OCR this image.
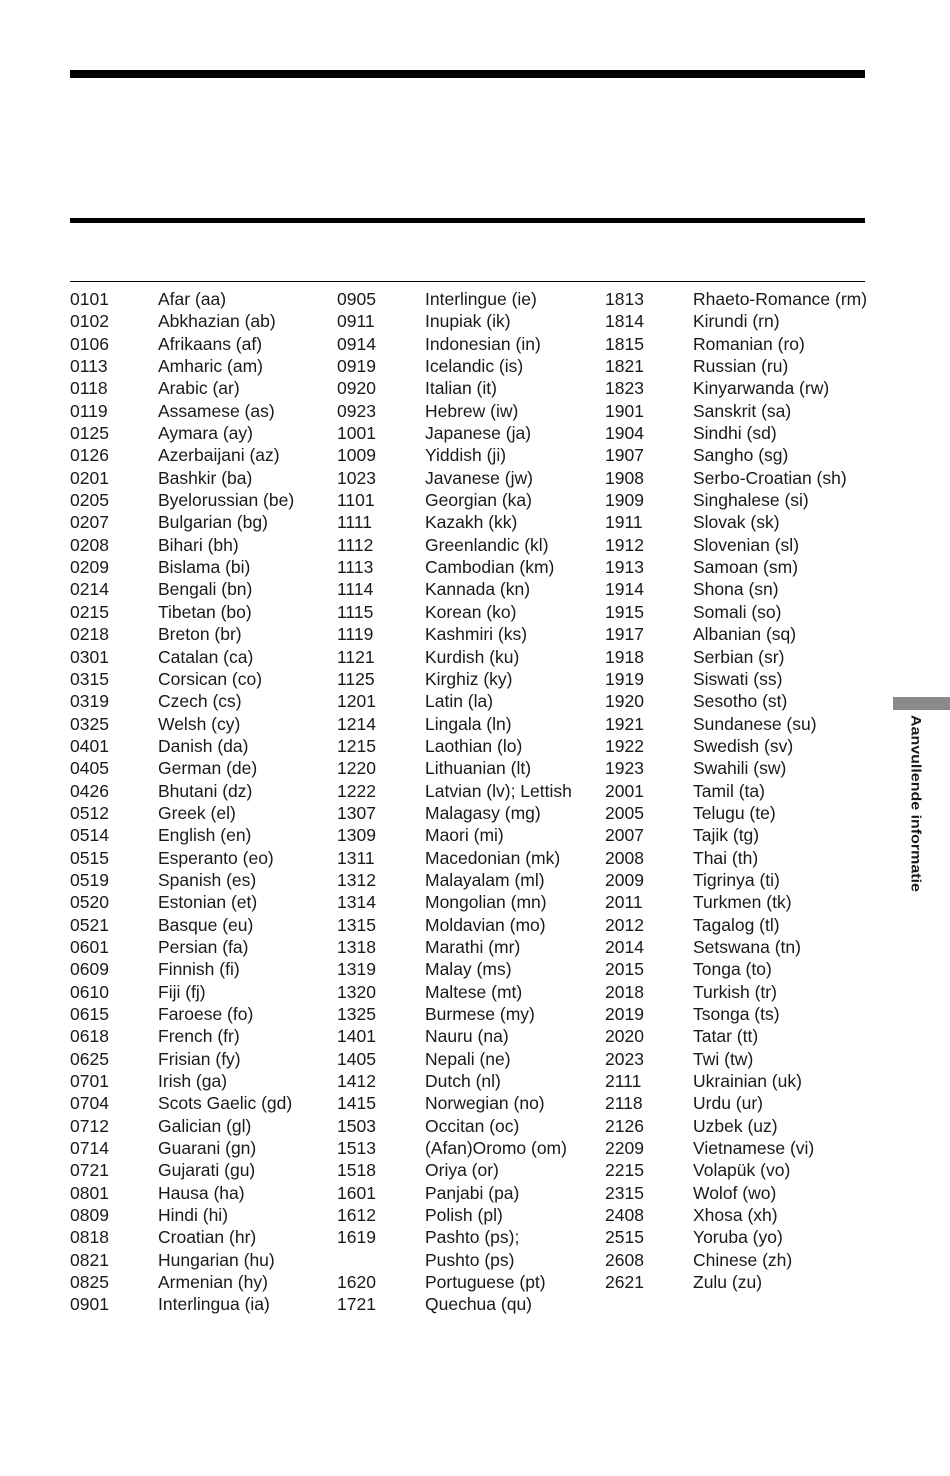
0101	Afar (aa)
0102	Abkhazian (ab)
0106	Afrikaans (af)
0113	Amharic (am)
0118	Arabic (ar)
0119	Assamese (as)
0125	Aymara (ay)
0126	Azerbaijani (az)
0201	Bashkir (ba)
0205	Byelorussian (be)
0207	Bulgarian (bg)
0208	Bihari (bh)
0209	Bislama (bi)
0214	Bengali (bn)
0215	Tibetan (bo)
0218	Breton (br)
0301	Catalan (ca)
0315	Corsican (co)
0319	Czech (cs)
0325	Welsh (cy)
0401	Danish (da)
0405	German (de)
0426	Bhutani (dz)
0512	Greek (el)
0514	English (en)
0515	Esperanto (eo)
0519	Spanish (es)
0520	Estonian (et)
0521	Basque (eu)
0601	Persian (fa)
0609	Finnish (fi)
0610	Fiji (fj)
0615	Faroese (fo)
0618	French (fr)
0625	Frisian (fy)
0701	Irish (ga)
0704	Scots Gaelic (gd)
0712	Galician (gl)
0714	Guarani (gn)
0721	Gujarati (gu)
0801	Hausa (ha)
0809	Hindi (hi)
0818	Croatian (hr)
0821	Hungarian (hu)
0825	Armenian (hy)
0901	Interlingua (ia)
0905	Interlingue (ie)
0911	Inupiak (ik)
0914	Indonesian (in)
0919	Icelandic (is)
0920	Italian (it)
0923	Hebrew (iw)
1001	Japanese (ja)
1009	Yiddish (ji)
1023	Javanese (jw)
1101	Georgian (ka)
1111	Kazakh (kk)
1112	Greenlandic (kl)
1113	Cambodian (km)
1114	Kannada (kn)
1115	Korean (ko)
1119	Kashmiri (ks)
1121	Kurdish (ku)
1125	Kirghiz (ky)
1201	Latin (la)
1214	Lingala (ln)
1215	Laothian (lo)
1220	Lithuanian (lt)
1222	Latvian (lv); Lettish
1307	Malagasy (mg)
1309	Maori (mi)
1311	Macedonian (mk)
1312	Malayalam (ml)
1314	Mongolian (mn)
1315	Moldavian (mo)
1318	Marathi (mr)
1319	Malay (ms)
1320	Maltese (mt)
1325	Burmese (my)
1401	Nauru (na)
1405	Nepali (ne)
1412	Dutch (nl)
1415	Norwegian (no)
1503	Occitan (oc)
1513	(Afan)Oromo (om)
1518	Oriya (or)
1601	Panjabi (pa)
1612	Polish (pl)
1619	Pashto (ps);
Pushto (ps)
1620	Portuguese (pt)
1721	Quechua (qu)
1813	Rhaeto-Romance (rm)
1814	Kirundi (rn)
1815	Romanian (ro)
1821	Russian (ru)
1823	Kinyarwanda (rw)
1901	Sanskrit (sa)
1904	Sindhi (sd)
1907	Sangho (sg)
1908	Serbo-Croatian (sh)
1909	Singhalese (si)
1911	Slovak (sk)
1912	Slovenian (sl)
1913	Samoan (sm)
1914	Shona (sn)
1915	Somali (so)
1917	Albanian (sq)
1918	Serbian (sr)
1919	Siswati (ss)
1920	Sesotho (st)
1921	Sundanese (su)
1922	Swedish (sv)
1923	Swahili (sw)
2001	Tamil (ta)
2005	Telugu (te)
2007	Tajik (tg)
2008	Thai (th)
2009	Tigrinya (ti)
2011	Turkmen (tk)
2012	Tagalog (tl)
2014	Setswana (tn)
2015	Tonga (to)
2018	Turkish (tr)
2019	Tsonga (ts)
2020	Tatar (tt)
2023	Twi (tw)
2111	Ukrainian (uk)
2118	Urdu (ur)
2126	Uzbek (uz)
2209	Vietnamese (vi)
2215	Volapük (vo)
2315	Wolof (wo)
2408	Xhosa (xh)
2515	Yoruba (yo)
2608	Chinese (zh)
2621	Zulu (zu)
Aanvullende informatie
